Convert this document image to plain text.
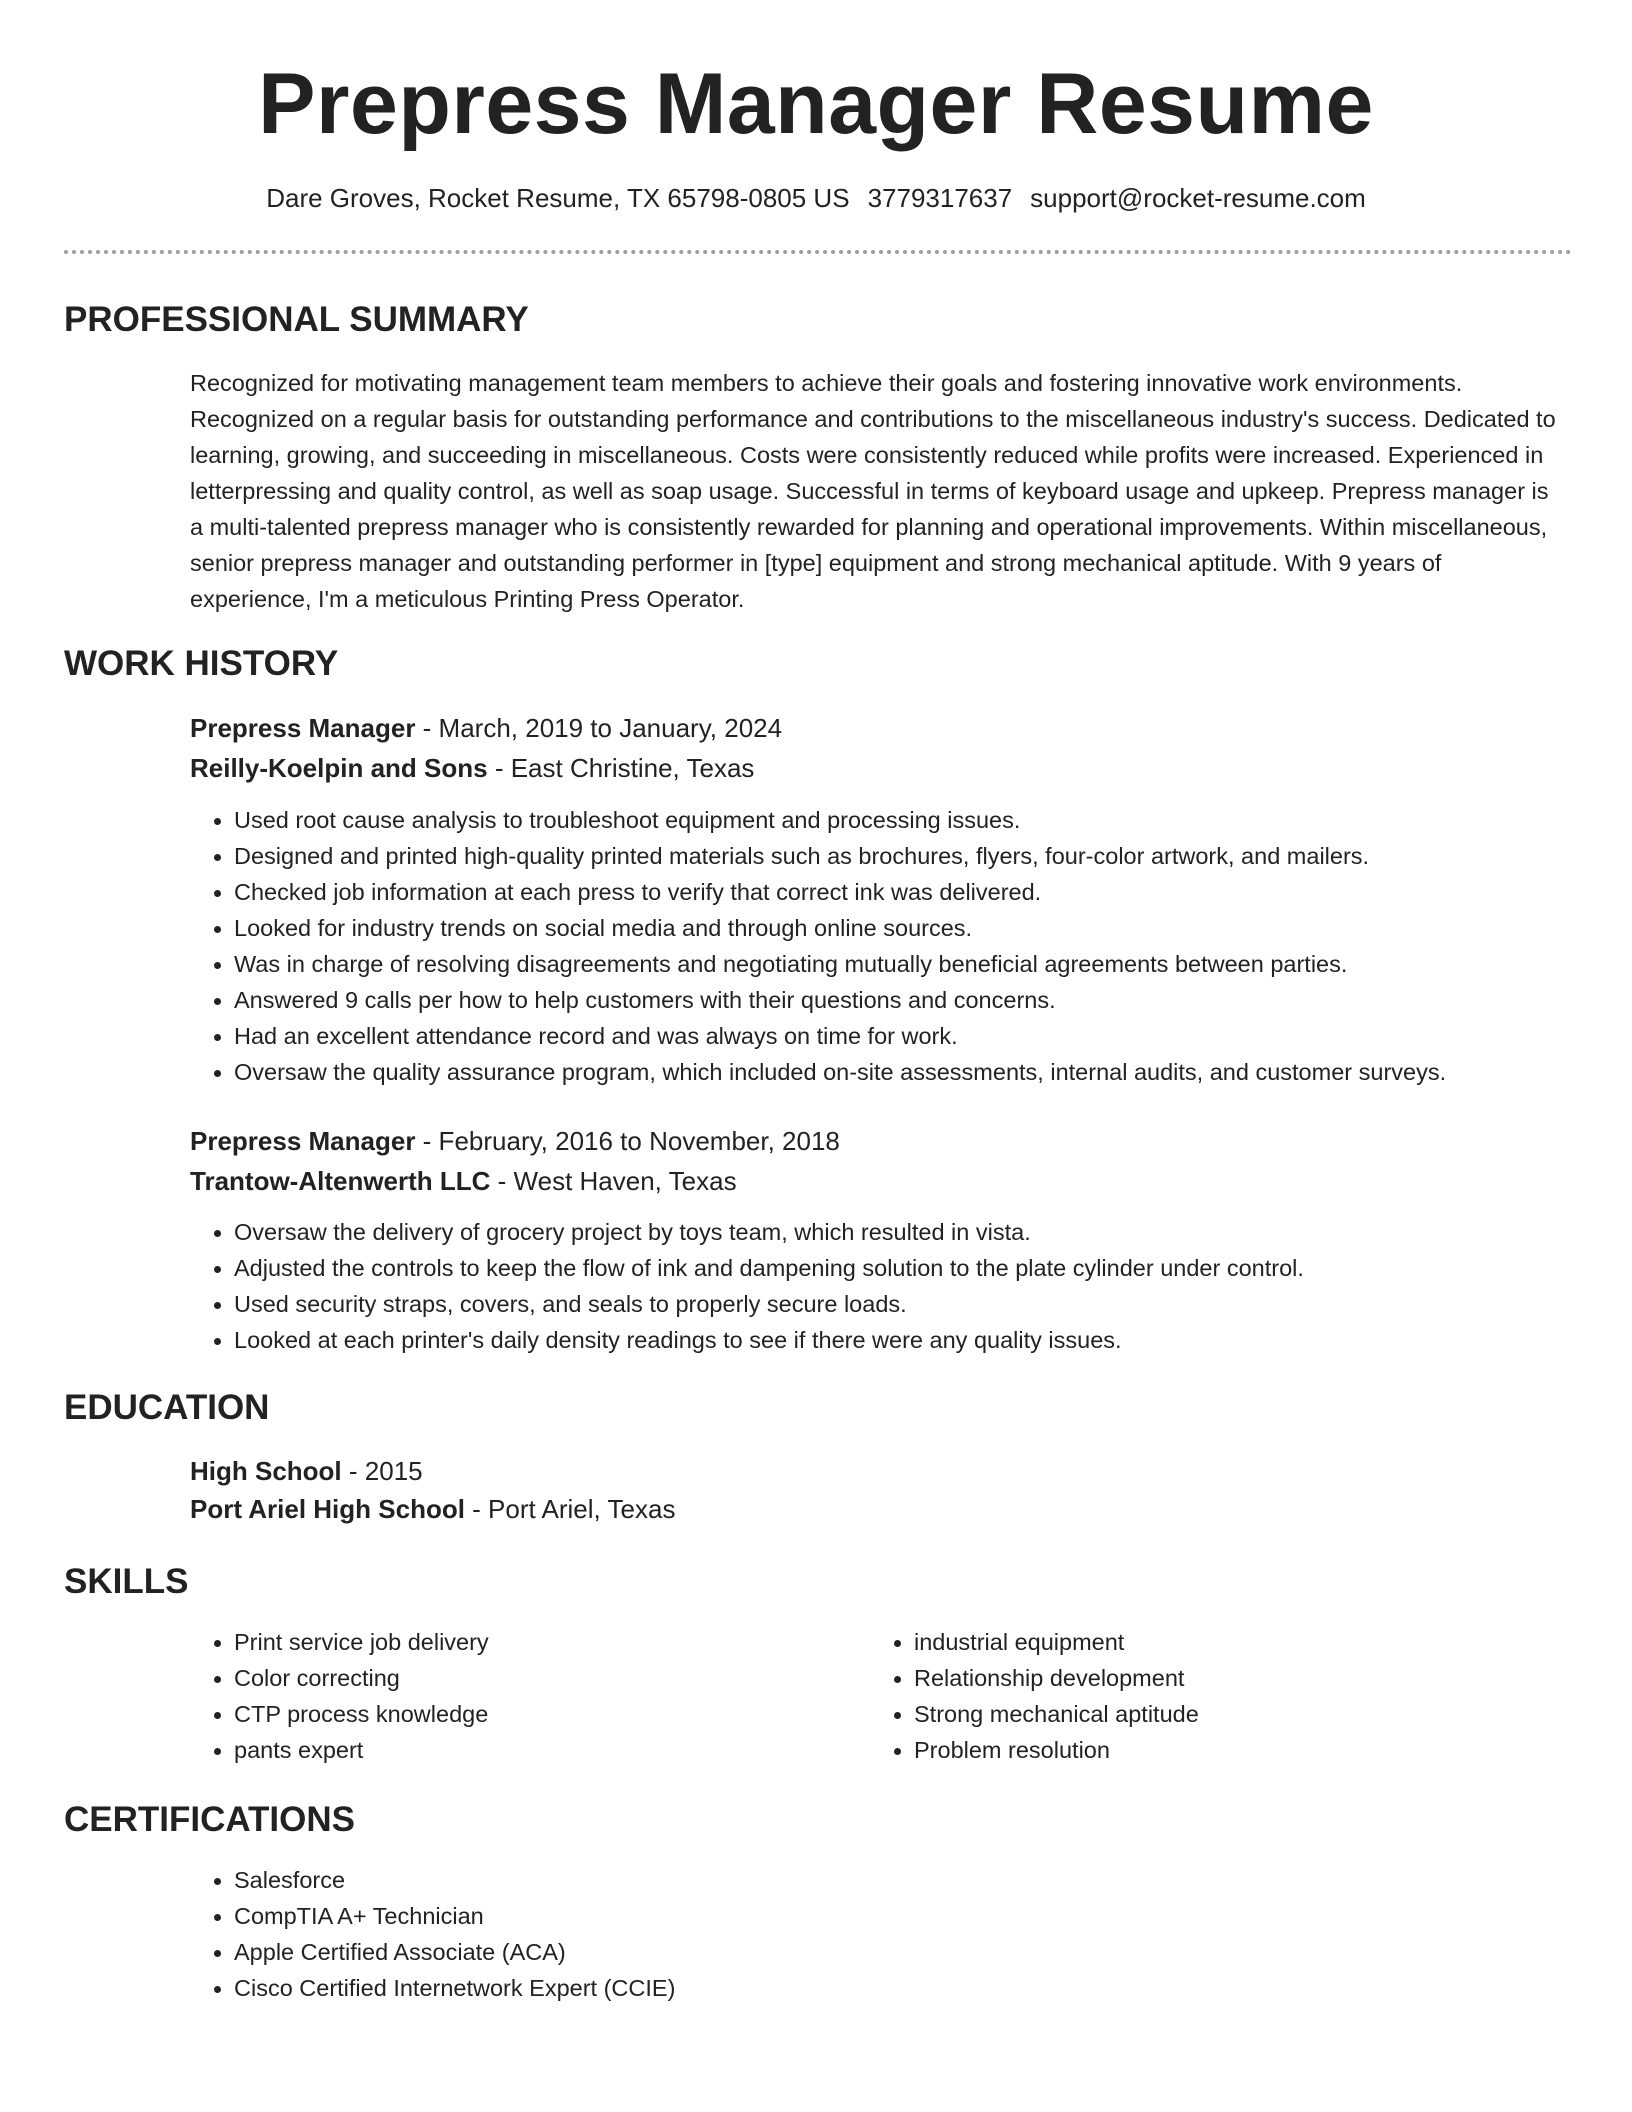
Prepress Manager Resume
Dare Groves, Rocket Resume, TX 65798-0805 US 3779317637 support@rocket-resume.com
PROFESSIONAL SUMMARY
Recognized for motivating management team members to achieve their goals and fostering innovative work environments. Recognized on a regular basis for outstanding performance and contributions to the miscellaneous industry's success. Dedicated to learning, growing, and succeeding in miscellaneous. Costs were consistently reduced while profits were increased. Experienced in letterpressing and quality control, as well as soap usage. Successful in terms of keyboard usage and upkeep. Prepress manager is a multi-talented prepress manager who is consistently rewarded for planning and operational improvements. Within miscellaneous, senior prepress manager and outstanding performer in [type] equipment and strong mechanical aptitude. With 9 years of experience, I'm a meticulous Printing Press Operator.
WORK HISTORY
Prepress Manager - March, 2019 to January, 2024
Reilly-Koelpin and Sons - East Christine, Texas
• Used root cause analysis to troubleshoot equipment and processing issues.
• Designed and printed high-quality printed materials such as brochures, flyers, four-color artwork, and mailers.
• Checked job information at each press to verify that correct ink was delivered.
• Looked for industry trends on social media and through online sources.
• Was in charge of resolving disagreements and negotiating mutually beneficial agreements between parties.
• Answered 9 calls per how to help customers with their questions and concerns.
• Had an excellent attendance record and was always on time for work.
• Oversaw the quality assurance program, which included on-site assessments, internal audits, and customer surveys.
Prepress Manager - February, 2016 to November, 2018
Trantow-Altenwerth LLC - West Haven, Texas
• Oversaw the delivery of grocery project by toys team, which resulted in vista.
• Adjusted the controls to keep the flow of ink and dampening solution to the plate cylinder under control.
• Used security straps, covers, and seals to properly secure loads.
• Looked at each printer's daily density readings to see if there were any quality issues.
EDUCATION
High School - 2015
Port Ariel High School - Port Ariel, Texas
SKILLS
• Print service job delivery
• Color correcting
• CTP process knowledge
• pants expert
• industrial equipment
• Relationship development
• Strong mechanical aptitude
• Problem resolution
CERTIFICATIONS
• Salesforce
• CompTIA A+ Technician
• Apple Certified Associate (ACA)
• Cisco Certified Internetwork Expert (CCIE)
